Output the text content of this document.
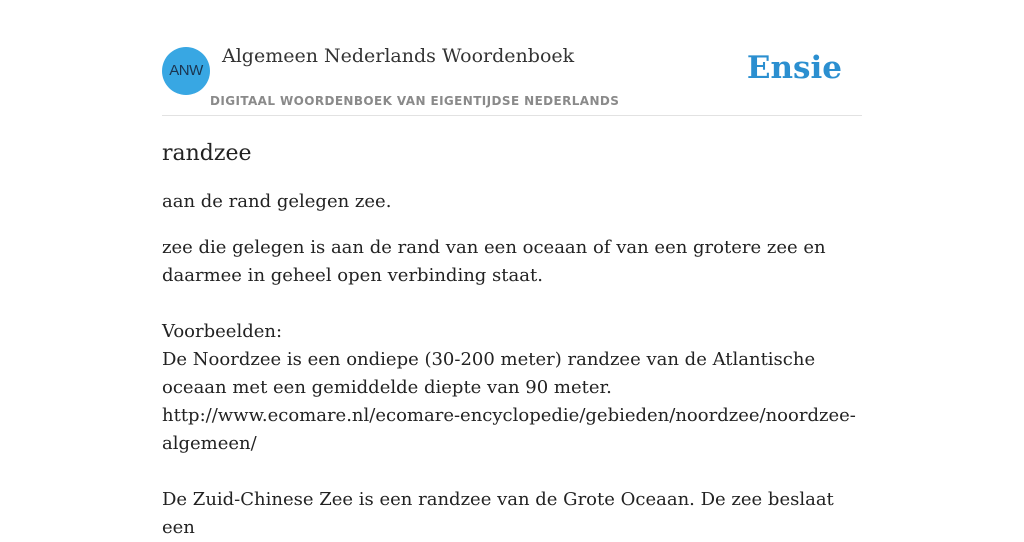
ANW
Algemeen Nederlands Woordenboek
DIGITAAL WOORDENBOEK VAN EIGENTIJDSE NEDERLANDS
Ensie
randzee

aan de rand gelegen zee.

zee die gelegen is aan de rand van een oceaan of van een grotere zee en daarmee in geheel open verbinding staat.
Voorbeelden:
De Noordzee is een ondiepe (30-200 meter) randzee van de Atlantische oceaan met een gemiddelde diepte van 90 meter.
http://www.ecomare.nl/ecomare-encyclopedie/gebieden/noordzee/noordzee-algemeen/
De Zuid-Chinese Zee is een randzee van de Grote Oceaan. De zee beslaat een
